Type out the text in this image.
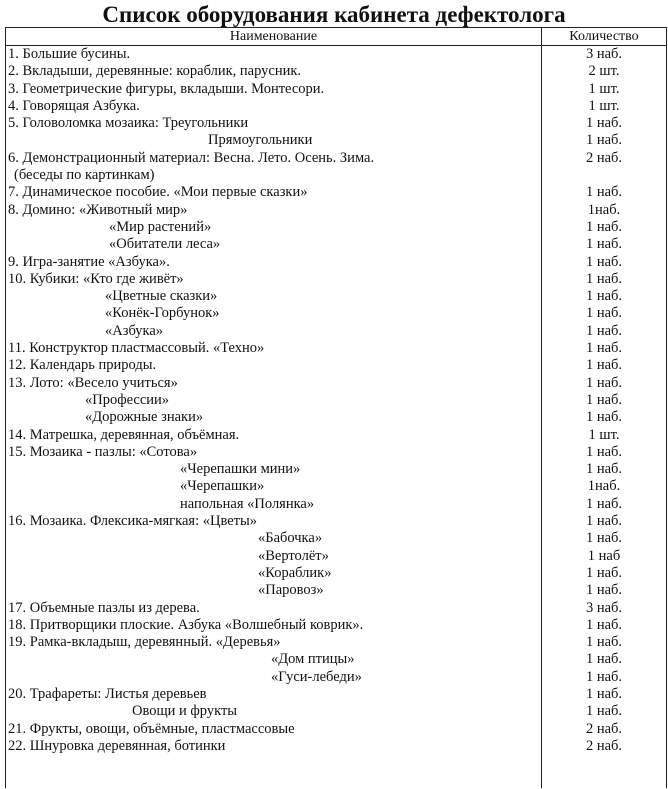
Список оборудования кабинета дефектолога
Наименование	Количество
1. Большие бусины.	3 наб.
2. Вкладыши, деревянные: кораблик, парусник.	2 шт.
3. Геометрические фигуры, вкладыши. Монтесори.	1 шт.
4. Говорящая Азбука.	1 шт.
5. Головоломка мозаика: Треугольники	1 наб.
Прямоугольники	1 наб.
6. Демонстрационный материал: Весна. Лето. Осень. Зима.	2 наб.
(беседы по картинкам)
7. Динамическое пособие. «Мои первые сказки»	1 наб.
8. Домино: «Животный мир»	1наб.
«Мир растений»	1 наб.
«Обитатели леса»	1 наб.
9. Игра-занятие «Азбука».	1 наб.
10. Кубики: «Кто где живёт»	1 наб.
«Цветные сказки»	1 наб.
«Конёк-Горбунок»	1 наб.
«Азбука»	1 наб.
11. Конструктор пластмассовый. «Техно»	1 наб.
12. Календарь природы.	1 наб.
13. Лото: «Весело учиться»	1 наб.
«Профессии»	1 наб.
«Дорожные знаки»	1 наб.
14. Матрешка, деревянная, объёмная.	1 шт.
15. Мозаика - пазлы: «Сотова»	1 наб.
«Черепашки мини»	1 наб.
«Черепашки»	1наб.
напольная «Полянка»	1 наб.
16. Мозаика. Флексика-мягкая: «Цветы»	1 наб.
«Бабочка»	1 наб.
«Вертолёт»	1 наб
«Кораблик»	1 наб.
«Паровоз»	1 наб.
17. Объемные пазлы из дерева.	3 наб.
18. Притворщики плоские. Азбука «Волшебный коврик».	1 наб.
19. Рамка-вкладыш, деревянный. «Деревья»	1 наб.
«Дом птицы»	1 наб.
«Гуси-лебеди»	1 наб.
20. Трафареты: Листья деревьев	1 наб.
Овощи и фрукты	1 наб.
21. Фрукты, овощи, объёмные, пластмассовые	2 наб.
22. Шнуровка деревянная, ботинки	2 наб.
